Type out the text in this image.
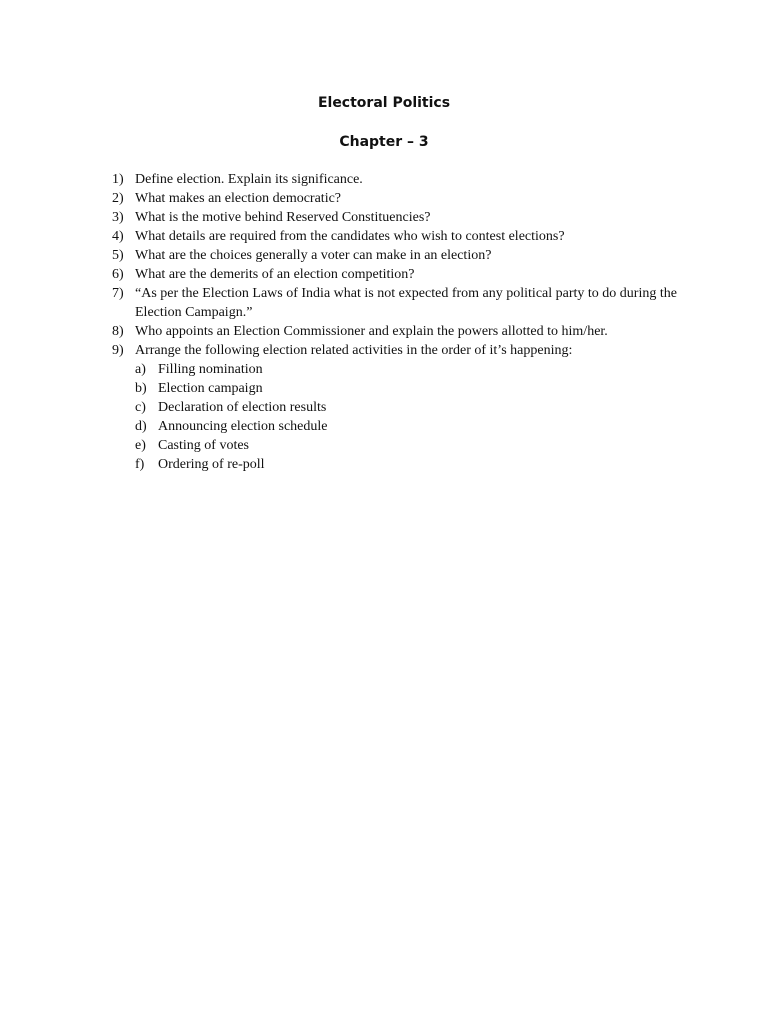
Electoral Politics
Chapter – 3
1) Define election. Explain its significance.
2) What makes an election democratic?
3) What is the motive behind Reserved Constituencies?
4) What details are required from the candidates who wish to contest elections?
5) What are the choices generally a voter can make in an election?
6) What are the demerits of an election competition?
7) “As per the Election Laws of India what is not expected from any political party to do during the Election Campaign.”
8) Who appoints an Election Commissioner and explain the powers allotted to him/her.
9) Arrange the following election related activities in the order of it’s happening:
a) Filling nomination
b) Election campaign
c) Declaration of election results
d) Announcing election schedule
e) Casting of votes
f) Ordering of re-poll
